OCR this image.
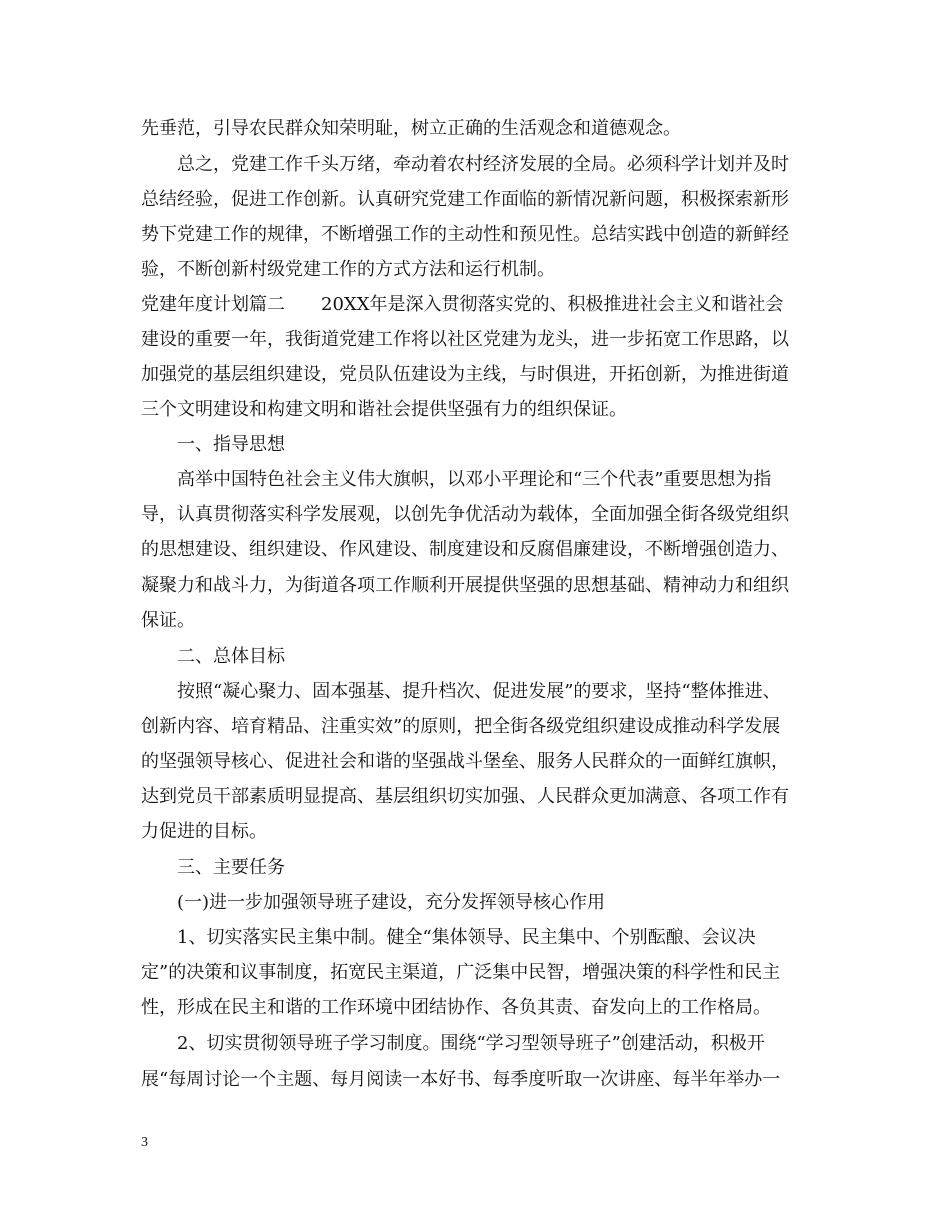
先垂范，引导农民群众知荣明耻，树立正确的生活观念和道德观念。
总之，党建工作千头万绪，牵动着农村经济发展的全局。必须科学计划并及时
总结经验，促进工作创新。认真研究党建工作面临的新情况新问题，积极探索新形
势下党建工作的规律，不断增强工作的主动性和预见性。总结实践中创造的新鲜经
验，不断创新村级党建工作的方式方法和运行机制。
党建年度计划篇二　　20XX年是深入贯彻落实党的、积极推进社会主义和谐社会
建设的重要一年，我街道党建工作将以社区党建为龙头，进一步拓宽工作思路，以
加强党的基层组织建设，党员队伍建设为主线，与时俱进，开拓创新，为推进街道
三个文明建设和构建文明和谐社会提供坚强有力的组织保证。
一、指导思想
高举中国特色社会主义伟大旗帜，以邓小平理论和“三个代表”重要思想为指
导，认真贯彻落实科学发展观，以创先争优活动为载体，全面加强全街各级党组织
的思想建设、组织建设、作风建设、制度建设和反腐倡廉建设，不断增强创造力、
凝聚力和战斗力，为街道各项工作顺利开展提供坚强的思想基础、精神动力和组织
保证。
二、总体目标
按照“凝心聚力、固本强基、提升档次、促进发展”的要求，坚持“整体推进、
创新内容、培育精品、注重实效”的原则，把全街各级党组织建设成推动科学发展
的坚强领导核心、促进社会和谐的坚强战斗堡垒、服务人民群众的一面鲜红旗帜，
达到党员干部素质明显提高、基层组织切实加强、人民群众更加满意、各项工作有
力促进的目标。
三、主要任务
(一)进一步加强领导班子建设，充分发挥领导核心作用
1、切实落实民主集中制。健全“集体领导、民主集中、个别酝酿、会议决
定”的决策和议事制度，拓宽民主渠道，广泛集中民智，增强决策的科学性和民主
性，形成在民主和谐的工作环境中团结协作、各负其责、奋发向上的工作格局。
2、切实贯彻领导班子学习制度。围绕“学习型领导班子”创建活动，积极开
展“每周讨论一个主题、每月阅读一本好书、每季度听取一次讲座、每半年举办一
3
